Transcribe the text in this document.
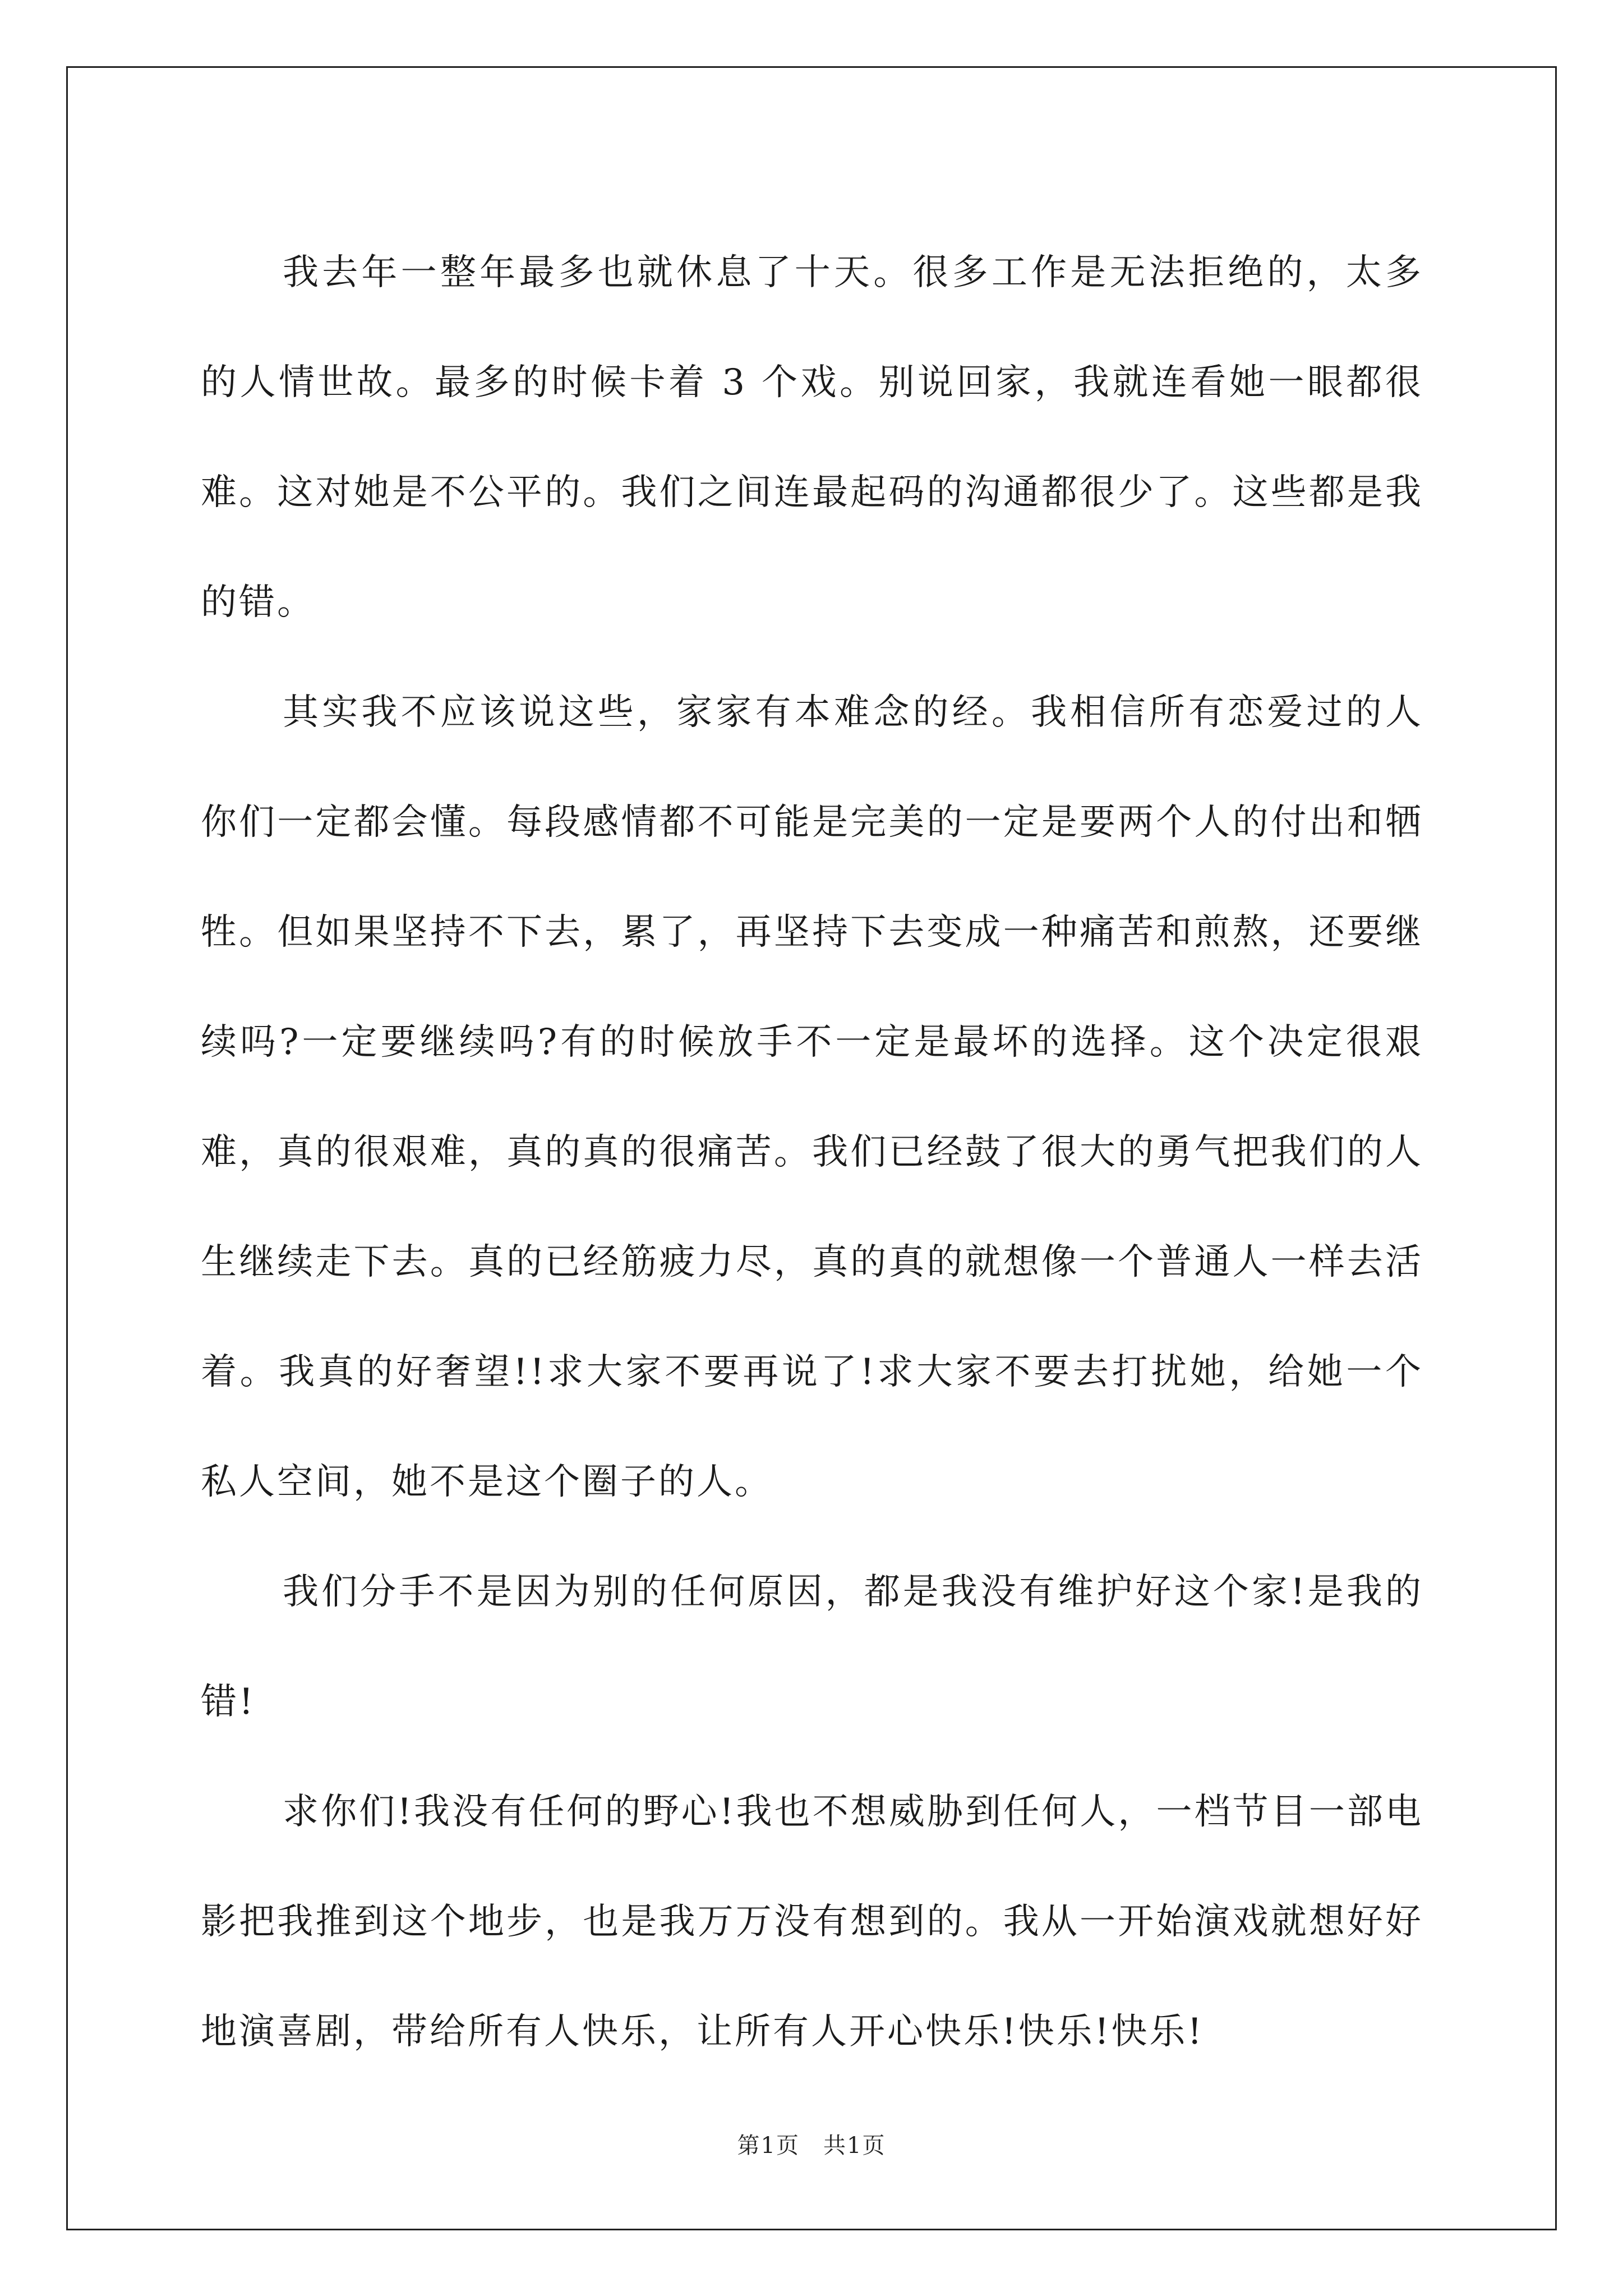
我去年一整年最多也就休息了十天。很多工作是无法拒绝的，太多的人情世故。最多的时候卡着 3 个戏。别说回家，我就连看她一眼都很难。这对她是不公平的。我们之间连最起码的沟通都很少了。这些都是我的错。

其实我不应该说这些，家家有本难念的经。我相信所有恋爱过的人你们一定都会懂。每段感情都不可能是完美的一定是要两个人的付出和牺牲。但如果坚持不下去，累了，再坚持下去变成一种痛苦和煎熬，还要继续吗?一定要继续吗?有的时候放手不一定是最坏的选择。这个决定很艰难，真的很艰难，真的真的很痛苦。我们已经鼓了很大的勇气把我们的人生继续走下去。真的已经筋疲力尽，真的真的就想像一个普通人一样去活着。我真的好奢望!!求大家不要再说了!求大家不要去打扰她，给她一个私人空间，她不是这个圈子的人。

我们分手不是因为别的任何原因，都是我没有维护好这个家!是我的错!

求你们!我没有任何的野心!我也不想威胁到任何人，一档节目一部电影把我推到这个地步，也是我万万没有想到的。我从一开始演戏就想好好地演喜剧，带给所有人快乐，让所有人开心快乐!快乐!快乐!

第1页　共1页
